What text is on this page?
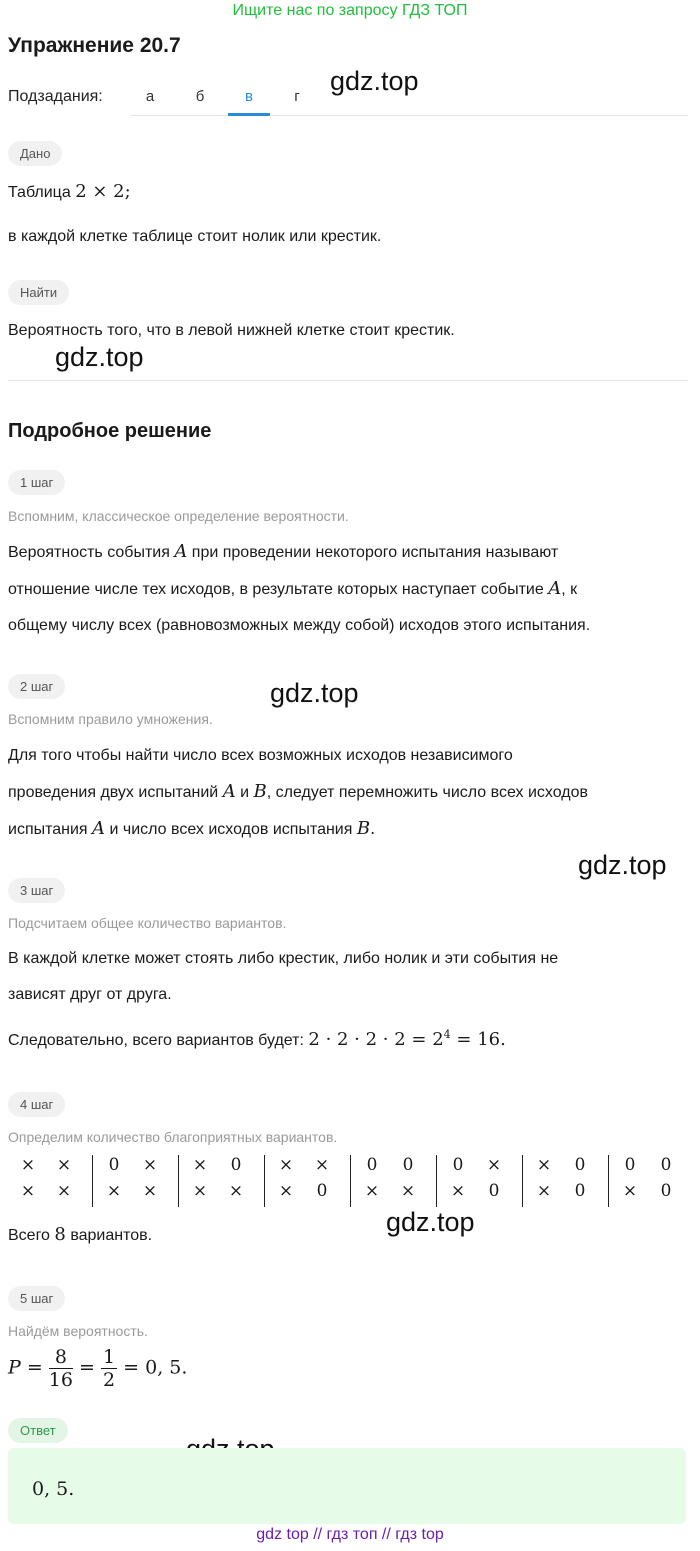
Ищите нас по запросу ГДЗ ТОП
Упражнение 20.7
Подзадания:	а	б	в	г
gdz.top
gdz.top
gdz.top
gdz.top
gdz.top
Дано
Таблица 2 × 2;
в каждой клетке таблице стоит нолик или крестик.
Найти
Вероятность того, что в левой нижней клетке стоит крестик.
Подробное решение
1 шаг
Вспомним, классическое определение вероятности.
Вероятность события A при проведении некоторого испытания называют
отношение числе тех исходов, в результате которых наступает событие A, к
общему числу всех (равновозможных между собой) исходов этого испытания.
2 шаг
Вспомним правило умножения.
Для того чтобы найти число всех возможных исходов независимого
проведения двух испытаний A и B, следует перемножить число всех исходов
испытания A и число всех исходов испытания B.
3 шаг
Подсчитаем общее количество вариантов.
В каждой клетке может стоять либо крестик, либо нолик и эти события не
зависят друг от друга.
Следовательно, всего вариантов будет: $2 \cdot 2 \cdot 2 \cdot 2 = 2^4 = 16$.
4 шаг
Определим количество благоприятных вариантов.
×	×
×	×
0	×
×	×
×	0
×	×
×	×
×	0
0	0
×	×
0	×
×	0
×	0
×	0
0	0
×	0
Всего 8 вариантов.
5 шаг
Найдём вероятность.
$P = \frac{8}{16} = \frac{1}{2} = 0$, 5.
Ответ
0, 5.
gdz top // гдз топ // гдз top
